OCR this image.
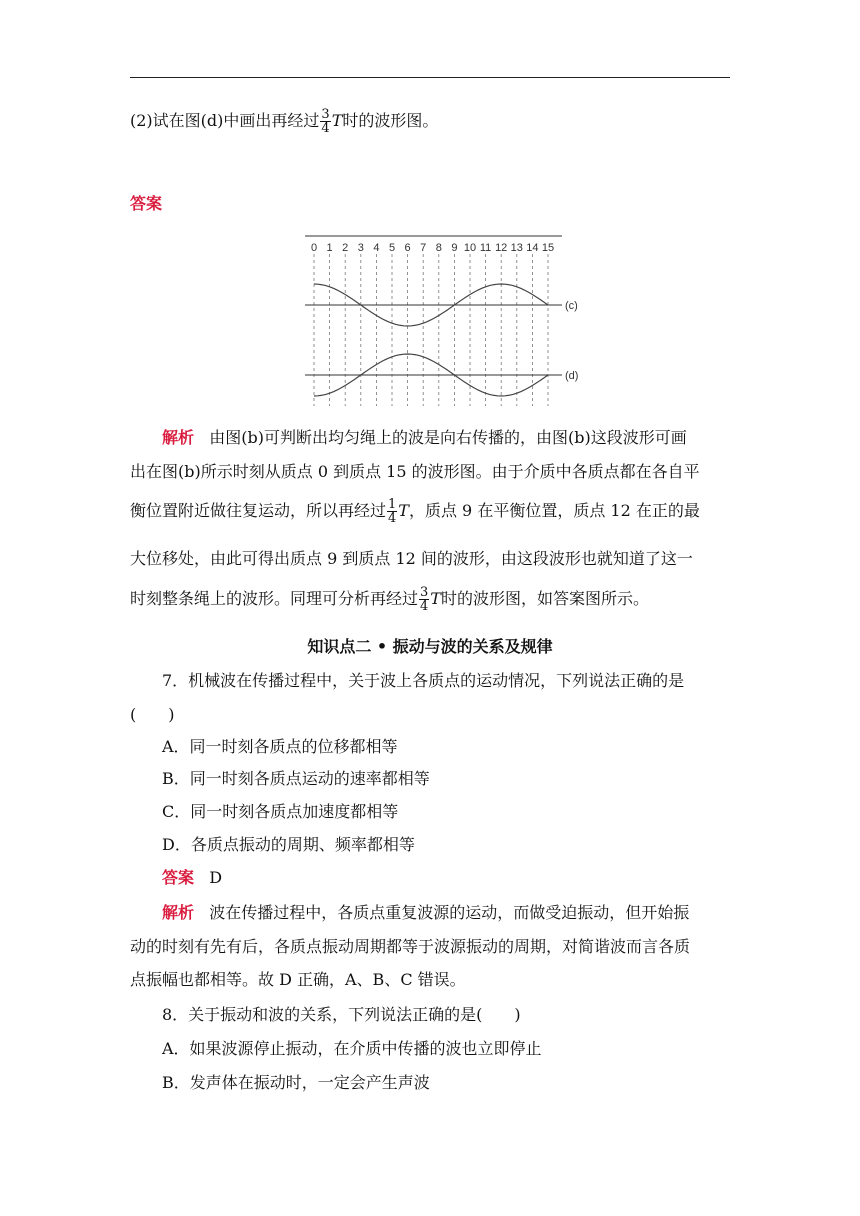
(2)试在图(d)中画出再经过 $\frac{3}{4}$ T时的波形图。
答案
0 1 2 3 4 5 6 7 8 9 10 11 12 13 14 15
(c)
(d)
解析 由图(b)可判断出均匀绳上的波是向右传播的，由图(b)这段波形可画
出在图(b)所示时刻从质点 0 到质点 15 的波形图。由于介质中各质点都在各自平
衡位置附近做往复运动，所以再经过 $\frac{1}{4}$ T，质点 9 在平衡位置，质点 12 在正的最
大位移处，由此可得出质点 9 到质点 12 间的波形，由这段波形也就知道了这一
时刻整条绳上的波形。同理可分析再经过 $\frac{3}{4}$ T时的波形图，如答案图所示。
知识点二 • 振动与波的关系及规律
7．机械波在传播过程中，关于波上各质点的运动情况，下列说法正确的是
(　　)
A．同一时刻各质点的位移都相等
B．同一时刻各质点运动的速率都相等
C．同一时刻各质点加速度都相等
D．各质点振动的周期、频率都相等
答案 D
解析 波在传播过程中，各质点重复波源的运动，而做受迫振动，但开始振
动的时刻有先有后，各质点振动周期都等于波源振动的周期，对简谐波而言各质
点振幅也都相等。故 D 正确，A、B、C 错误。
8．关于振动和波的关系，下列说法正确的是(　　)
A．如果波源停止振动，在介质中传播的波也立即停止
B．发声体在振动时，一定会产生声波
